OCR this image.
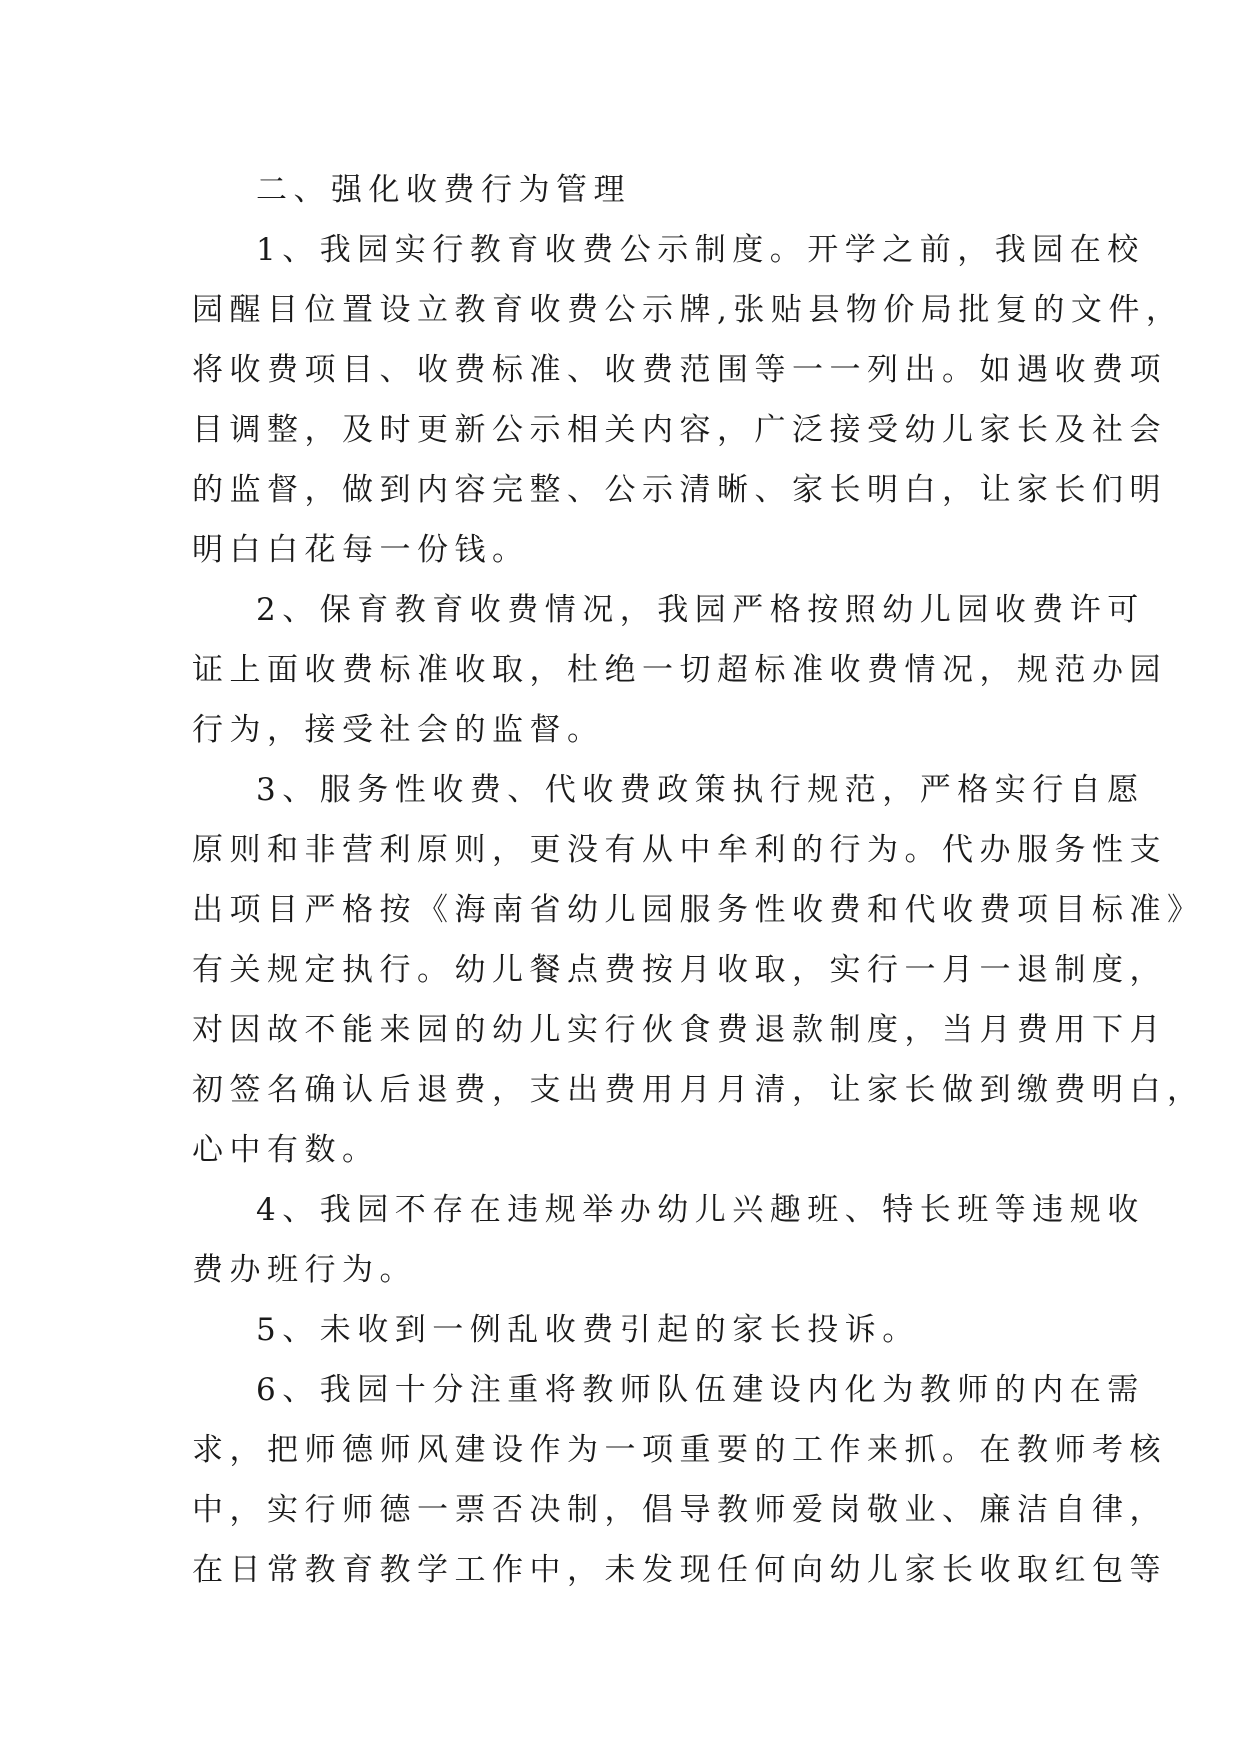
二、强化收费行为管理
1、我园实行教育收费公示制度。开学之前，我园在校
园醒目位置设立教育收费公示牌,张贴县物价局批复的文件，
将收费项目、收费标准、收费范围等一一列出。如遇收费项
目调整，及时更新公示相关内容，广泛接受幼儿家长及社会
的监督，做到内容完整、公示清晰、家长明白，让家长们明
明白白花每一份钱。
2、保育教育收费情况，我园严格按照幼儿园收费许可
证上面收费标准收取，杜绝一切超标准收费情况，规范办园
行为，接受社会的监督。
3、服务性收费、代收费政策执行规范，严格实行自愿
原则和非营利原则，更没有从中牟利的行为。代办服务性支
出项目严格按《海南省幼儿园服务性收费和代收费项目标准》
有关规定执行。幼儿餐点费按月收取，实行一月一退制度，
对因故不能来园的幼儿实行伙食费退款制度，当月费用下月
初签名确认后退费，支出费用月月清，让家长做到缴费明白，
心中有数。
4、我园不存在违规举办幼儿兴趣班、特长班等违规收
费办班行为。
5、未收到一例乱收费引起的家长投诉。
6、我园十分注重将教师队伍建设内化为教师的内在需
求，把师德师风建设作为一项重要的工作来抓。在教师考核
中，实行师德一票否决制，倡导教师爱岗敬业、廉洁自律，
在日常教育教学工作中，未发现任何向幼儿家长收取红包等
